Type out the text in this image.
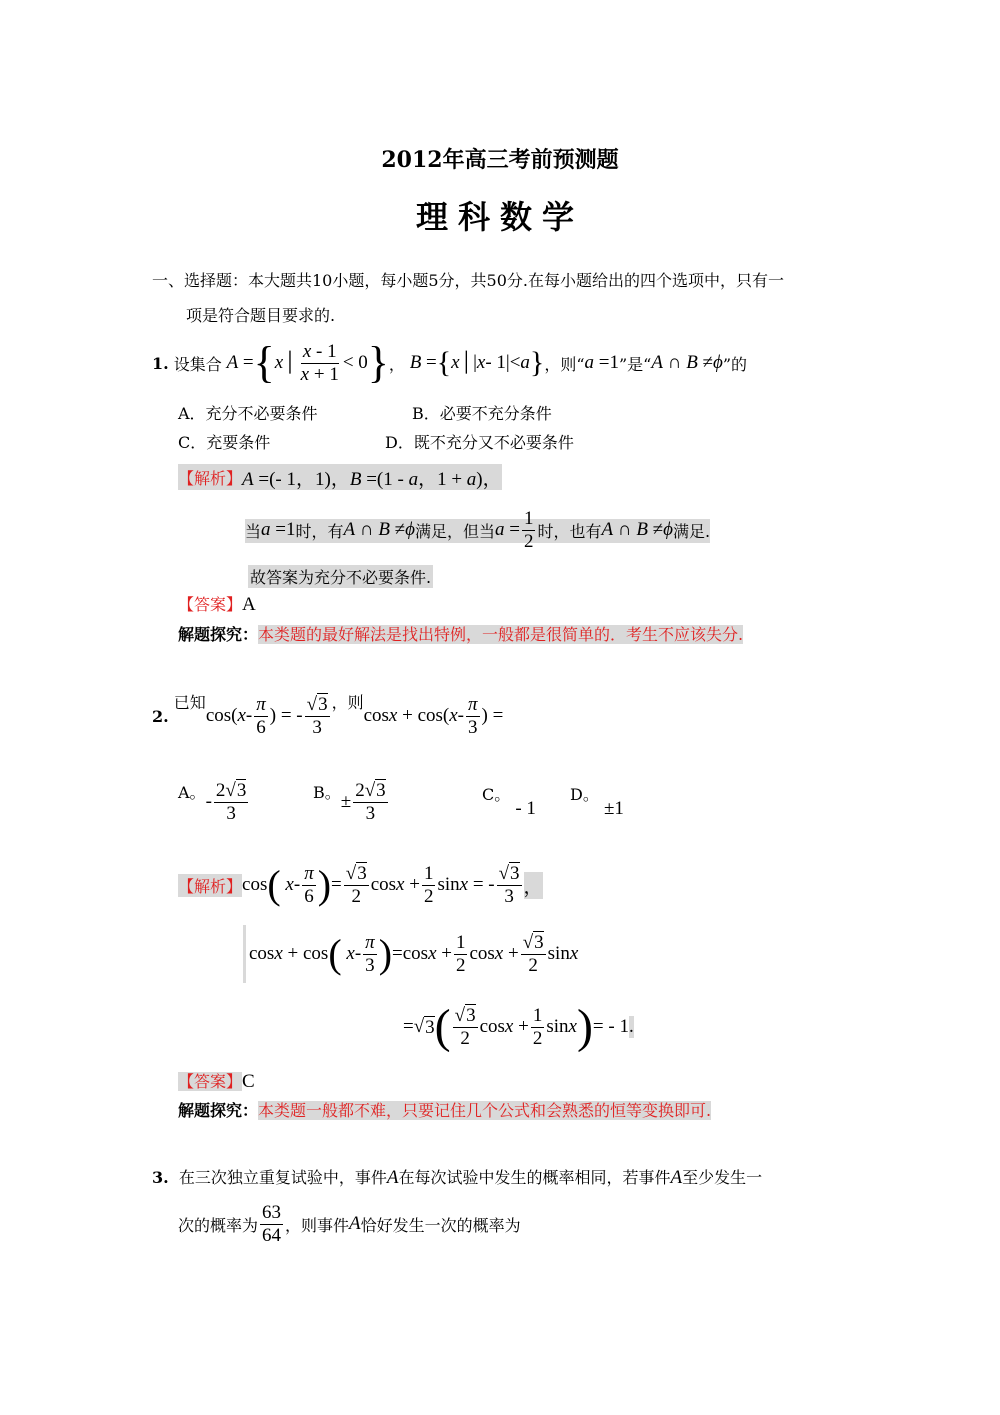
2012年高三考前预测题
理科数学
一、选择题：本大题共10小题，每小题5分，共50分.在每小题给出的四个选项中，只有一
项是符合题目要求的.
1.
设集合
A = { x │ $\frac{x - 1}{x + 1} < 0$ } ，
B = { x │| x - 1|< a } ，则“ a =1 ”是“ A ∩ B ≠ϕ ”的
A．充分不必要条件	B．必要不充分条件
C．充要条件	D．既不充分又不必要条件
【解析】 A =(- 1，1)，B =(1 - a，1 + a)，
当 a =1 时，有 A ∩ B ≠ϕ 满足，但当 $a = \frac{1}{2}$ 时，也有 A ∩ B ≠ϕ 满足.
故答案为充分不必要条件.
【答案】A
解题探究：本类题的最好解法是找出特例，一般都是很简单的．考生不应该失分.
2.

已知
cos( x - $\frac{\pi}{6}$ ) = - $\frac{√3}{3}$ ，则
cos x + cos( x - $\frac{\pi}{3}$ ) =
A。 - $\frac{2√3}{3}$	B。 ± $\frac{2√3}{3}$	C。 - 1
D。 ±1
【解析】 cos (
x - $\frac{\pi}{6}$ ) = $\frac{√3}{2}$ $\cos x + \frac{1}{2}$ sin x = - $\frac{√3}{3}$ ，
cos x + cos (
x - $\frac{\pi}{3}$ ) =cos $x + \frac{1}{2}$ $\cos x + \frac{√3}{2}$ sin x
=√ 3 ( $\frac{√3}{2}$ $\cos x + \frac{1}{2}$ sin x ) = - 1 .
【答案】C
解题探究：本类题一般都不难，只要记住几个公式和会熟悉的恒等变换即可.
3. 在三次独立重复试验中，事件A在每次试验中发生的概率相同，若事件A至少发生一
次的概率为 $\frac{63}{64}$ ，则事件 A 恰好发生一次的概率为
